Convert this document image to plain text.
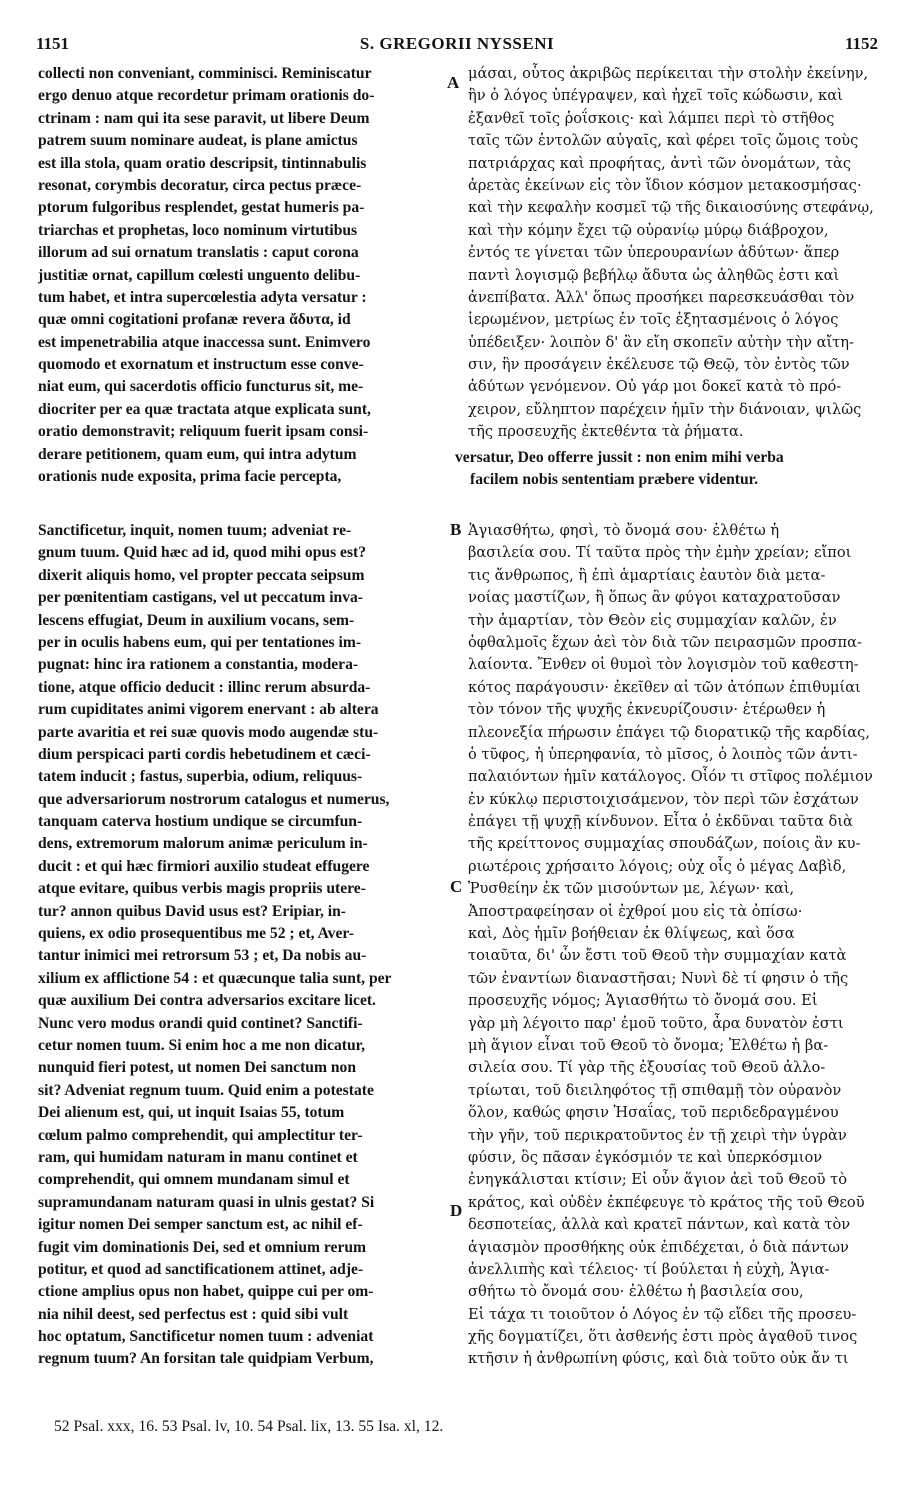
1151	S. GREGORII NYSSENI	1152
collecti non conveniant, comminisci. Reminiscatur
ergo denuo atque recordetur primam orationis do-
ctrinam : nam qui ita sese paravit, ut libere Deum
patrem suum nominare audeat, is plane amictus
est illa stola, quam oratio descripsit, tintinnabulis
resonat, corymbis decoratur, circa pectus præce-
ptorum fulgoribus resplendet, gestat humeris pa-
triarchas et prophetas, loco nominum virtutibus
illorum ad sui ornatum translatis : caput corona
justitiæ ornat, capillum cœlesti unguento delibu-
tum habet, et intra supercœlestia adyta versatur :
quæ omni cogitationi profanæ revera ἄδυτα, id
est impenetrabilia atque inaccessa sunt. Enimvero
quomodo et exornatum et instructum esse conve-
niat eum, qui sacerdotis officio functurus sit, me-
diocriter per ea quæ tractata atque explicata sunt,
oratio demonstravit; reliquum fuerit ipsam consi-
derare petitionem, quam eum, qui intra adytum
orationis nude exposita, prima facie percepta,
μάσαι, οὗτος ἀκριβῶς περίκειται τὴν στολὴν ἐκείνην,
ἣν ὁ λόγος ὑπέγραψεν, καὶ ἠχεῖ τοῖς κώδωσιν, καὶ
ἐξανθεῖ τοῖς ῥοΐσκοις· καὶ λάμπει περὶ τὸ στῆθος
ταῖς τῶν ἐντολῶν αὐγαῖς, καὶ φέρει τοῖς ὤμοις τοὺς
πατριάρχας καὶ προφήτας, ἀντὶ τῶν ὀνομάτων, τὰς
ἀρετὰς ἐκείνων εἰς τὸν ἴδιον κόσμον μετακοσμήσας·
καὶ τὴν κεφαλὴν κοσμεῖ τῷ τῆς δικαιοσύνης στεφάνῳ,
καὶ τὴν κόμην ἔχει τῷ οὐρανίῳ μύρῳ διάβροχον,
ἐντός τε γίνεται τῶν ὑπερουρανίων ἀδύτων· ἅπερ
παντὶ λογισμῷ βεβήλῳ ἄδυτα ὡς ἀληθῶς ἐστι καὶ
ἀνεπίβατα. Ἀλλ' ὅπως προσήκει παρεσκευάσθαι τὸν
ἱερωμένον, μετρίως ἐν τοῖς ἐξητασμένοις ὁ λόγος
ὑπέδειξεν· λοιπὸν δ' ἂν εἴη σκοπεῖν αὐτὴν τὴν αἴτη-
σιν, ἣν προσάγειν ἐκέλευσε τῷ Θεῷ, τὸν ἐντὸς τῶν
ἀδύτων γενόμενον. Οὐ γάρ μοι δοκεῖ κατὰ τὸ πρό-
χειρον, εὔληπτον παρέχειν ἡμῖν τὴν διάνοιαν, ψιλῶς
τῆς προσευχῆς ἐκτεθέντα τὰ ῥήματα.
versatur, Deo offerre jussit : non enim mihi verba
Sanctificetur, inquit, nomen tuum; adveniat re-
gnum tuum. Quid hæc ad id, quod mihi opus est?
dixerit aliquis homo, vel propter peccata seipsum
per pœnitentiam castigans, vel ut peccatum inva-
lescens effugiat, Deum in auxilium vocans, sem-
per in oculis habens eum, qui per tentationes im-
pugnat: hinc ira rationem a constantia, modera-
tione, atque officio deducit : illinc rerum absurda-
rum cupiditates animi vigorem enervant : ab altera
parte avaritia et rei suæ quovis modo augendæ stu-
dium perspicaci parti cordis hebetudinem et cæci-
tatem inducit ; fastus, superbia, odium, reliquus-
que adversariorum nostrorum catalogus et numerus,
tanquam caterva hostium undique se circumfun-
dens, extremorum malorum animæ periculum in-
ducit : et qui hæc firmiori auxilio studeat effugere
atque evitare, quibus verbis magis propriis utere-
tur? annon quibus David usus est? Eripiar, in-
quiens, ex odio prosequentibus me 52 ; et, Aver-
tantur inimici mei retrorsum 53 ; et, Da nobis au-
xilium ex afflictione 54 : et quæcunque talia sunt, per
quæ auxilium Dei contra adversarios excitare licet.
Nunc vero modus orandi quid continet? Sanctifi-
cetur nomen tuum. Si enim hoc a me non dicatur,
nunquid fieri potest, ut nomen Dei sanctum non
sit? Adveniat regnum tuum. Quid enim a potestate
Dei alienum est, qui, ut inquit Isaias 55, totum
cœlum palmo comprehendit, qui amplectitur ter-
ram, qui humidam naturam in manu continet et
comprehendit, qui omnem mundanam simul et
supramundanam naturam quasi in ulnis gestat? Si
igitur nomen Dei semper sanctum est, ac nihil ef-
fugit vim dominationis Dei, sed et omnium rerum
potitur, et quod ad sanctificationem attinet, adje-
ctione amplius opus non habet, quippe cui per om-
nia nihil deest, sed perfectus est : quid sibi vult
hoc optatum, Sanctificetur nomen tuum : adveniat
regnum tuum? An forsitan tale quidpiam Verbum,
Ἁγιασθήτω, φησὶ, τὸ ὄνομά σου· ἐλθέτω ἡ
βασιλεία σου. Τί ταῦτα πρὸς τὴν ἐμὴν χρείαν; εἴποι
τις ἄνθρωπος, ἢ ἐπὶ ἁμαρτίαις ἑαυτὸν διὰ μετα-
νοίας μαστίζων, ἢ ὅπως ἂν φύγοι καταχρατοῦσαν
τὴν ἁμαρτίαν, τὸν Θεὸν εἰς συμμαχίαν καλῶν, ἐν
ὀφθαλμοῖς ἔχων ἀεὶ τὸν διὰ τῶν πειρασμῶν προσπα-
λαίοντα. Ἔνθεν οἱ θυμοὶ τὸν λογισμὸν τοῦ καθεστη-
κότος παράγουσιν· ἐκεῖθεν αἱ τῶν ἀτόπων ἐπιθυμίαι
τὸν τόνον τῆς ψυχῆς ἐκνευρίζουσιν· ἑτέρωθεν ἡ
πλεονεξία πήρωσιν ἐπάγει τῷ διορατικῷ τῆς καρδίας,
ὁ τῦφος, ἡ ὑπερηφανία, τὸ μῖσος, ὁ λοιπὸς τῶν ἀντι-
παλαιόντων ἡμῖν κατάλογος. Οἷόν τι στῖφος πολέμιον
ἐν κύκλῳ περιστοιχισάμενον, τὸν περὶ τῶν ἐσχάτων
ἐπάγει τῇ ψυχῇ κίνδυνον. Εἶτα ὁ ἐκδῦναι ταῦτα διὰ
τῆς κρείττονος συμμαχίας σπουδάζων, ποίοις ἂν κυ-
ριωτέροις χρήσαιτο λόγοις; οὐχ οἷς ὁ μέγας Δαβὶδ,
Ῥυσθείην ἐκ τῶν μισούντων με, λέγων· καὶ,
Ἀποστραφείησαν οἱ ἐχθροί μου εἰς τὰ ὀπίσω·
καὶ, Δὸς ἡμῖν βοήθειαν ἐκ θλίψεως, καὶ ὅσα
τοιαῦτα, δι' ὧν ἔστι τοῦ Θεοῦ τὴν συμμαχίαν κατὰ
τῶν ἐναντίων διαναστῆσαι; Νυνὶ δὲ τί φησιν ὁ τῆς
προσευχῆς νόμος; Ἁγιασθήτω τὸ ὄνομά σου. Εἰ
γὰρ μὴ λέγοιτο παρ' ἐμοῦ τοῦτο, ἆρα δυνατὸν ἐστι
μὴ ἅγιον εἶναι τοῦ Θεοῦ τὸ ὄνομα; Ἐλθέτω ἡ βα-
σιλεία σου. Τί γὰρ τῆς ἐξουσίας τοῦ Θεοῦ ἀλλο-
τρίωται, τοῦ διειληφότος τῇ σπιθαμῇ τὸν οὐρανὸν
ὅλον, καθώς φησιν Ἡσαΐας, τοῦ περιδεδραγμένου
τὴν γῆν, τοῦ περικρατοῦντος ἐν τῇ χειρὶ τὴν ὑγρὰν
φύσιν, ὃς πᾶσαν ἐγκόσμιόν τε καὶ ὑπερκόσμιον
ἐνηγκάλισται κτίσιν; Εἰ οὖν ἅγιον ἀεὶ τοῦ Θεοῦ τὸ
κράτος, καὶ οὐδὲν ἐκπέφευγε τὸ κράτος τῆς τοῦ Θεοῦ
δεσποτείας, ἀλλὰ καὶ κρατεῖ πάντων, καὶ κατὰ τὸν
ἁγιασμὸν προσθήκης οὐκ ἐπιδέχεται, ὁ διὰ πάντων
ἀνελλιπὴς καὶ τέλειος· τί βούλεται ἡ εὐχὴ, Ἁγια-
σθήτω τὸ ὄνομά σου· ἐλθέτω ἡ βασιλεία σου,
Εἰ τάχα τι τοιοῦτον ὁ Λόγος ἐν τῷ εἴδει τῆς προσευ-
χῆς δογματίζει, ὅτι ἀσθενής ἐστι πρὸς ἀγαθοῦ τινος
κτῆσιν ἡ ἀνθρωπίνη φύσις, καὶ διὰ τοῦτο οὐκ ἄν τι
A
B
C
D
52 Psal. xxx, 16. 53 Psal. lv, 10. 54 Psal. lix, 13. 55 Isa. xl, 12.
facilem nobis sententiam præbere videntur.
